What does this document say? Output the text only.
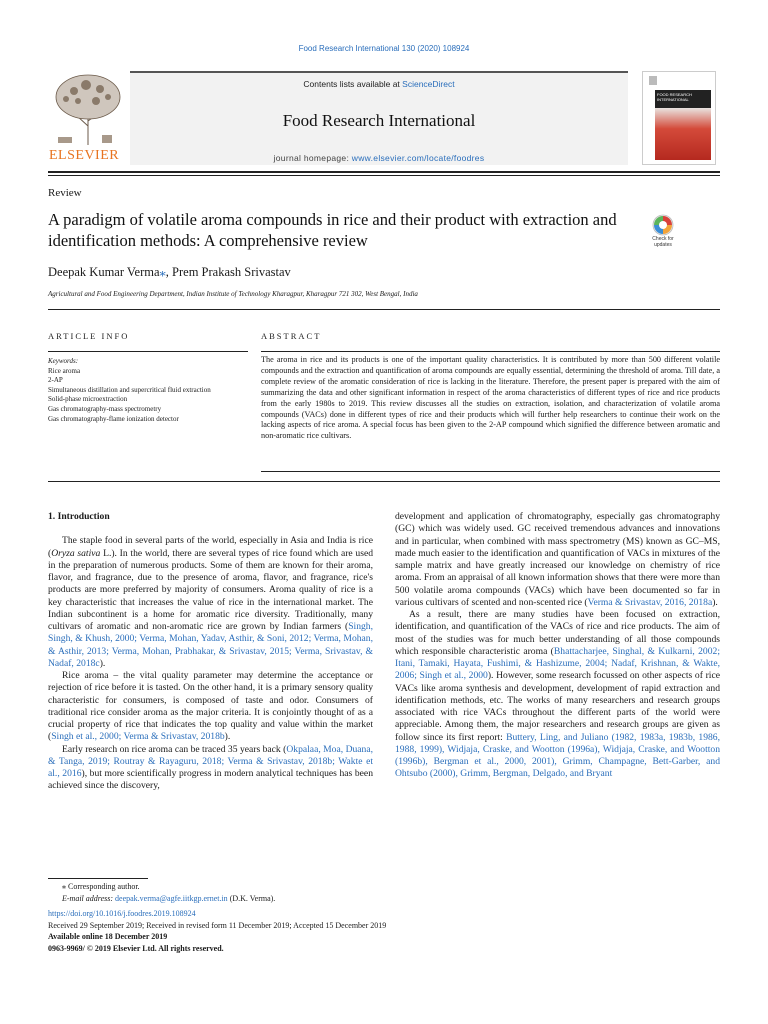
Food Research International 130 (2020) 108924
ELSEVIER
Contents lists available at ScienceDirect
Food Research International
journal homepage: www.elsevier.com/locate/foodres
FOOD RESEARCH INTERNATIONAL
Review
A paradigm of volatile aroma compounds in rice and their product with extraction and identification methods: A comprehensive review	Check for updates
Deepak Kumar Verma⁎, Prem Prakash Srivastav
Agricultural and Food Engineering Department, Indian Institute of Technology Kharagpur, Kharagpur 721 302, West Bengal, India
ARTICLE INFO	ABSTRACT
Keywords:
Rice aroma
2-AP
Simultaneous distillation and supercritical fluid extraction
Solid-phase microextraction
Gas chromatography-mass spectrometry
Gas chromatography-flame ionization detector
The aroma in rice and its products is one of the important quality characteristics. It is contributed by more than 500 different volatile compounds and the extraction and quantification of aroma compounds are equally essential, determining the threshold of aroma. Till date, a complete review of the aromatic consideration of rice is lacking in the literature. Therefore, the present paper is prepared with the aim of summarizing the data and other significant information in respect of the aroma characteristics of different types of rice and rice products from the early 1980s to 2019. This review discusses all the studies on extraction, isolation, and characterization of volatile aroma compounds (VACs) done in different types of rice and their products which will further help researchers to continue their work on the lacking aspects of rice aroma. A special focus has been given to the 2-AP compound which signified the difference between aromatic and non-aromatic rice cultivars.
1. Introduction

The staple food in several parts of the world, especially in Asia and India is rice (Oryza sativa L.). In the world, there are several types of rice found which are used in the preparation of numerous products. Some of them are known for their aroma, flavor, and fragrance, due to the presence of aroma, flavor, and fragrance, rice's products are more preferred by majority of consumers. Aroma quality of rice is a key characteristic that increases the value of rice in the international market. The Indian subcontinent is a home for aromatic rice diversity. Traditionally, many cultivars of aromatic and non-aromatic rice are grown by Indian farmers (Singh, Singh, & Khush, 2000; Verma, Mohan, Yadav, Asthir, & Soni, 2012; Verma, Mohan, & Asthir, 2013; Verma, Mohan, Prabhakar, & Srivastav, 2015; Verma, Srivastav, & Nadaf, 2018c).

Rice aroma – the vital quality parameter may determine the acceptance or rejection of rice before it is tasted. On the other hand, it is a primary sensory quality characteristic for consumers, is composed of taste and odor. Consumers of traditional rice consider aroma as the major criteria. It is conjointly thought of as a crucial property of rice that indicates the top quality and value within the market (Singh et al., 2000; Verma & Srivastav, 2018b).

Early research on rice aroma can be traced 35 years back (Okpalaa, Moa, Duana, & Tanga, 2019; Routray & Rayaguru, 2018; Verma & Srivastav, 2018b; Wakte et al., 2016), but more scientifically progress in modern analytical techniques has been achieved since the discovery,

development and application of chromatography, especially gas chromatography (GC) which was widely used. GC received tremendous advances and innovations and in particular, when combined with mass spectrometry (MS) known as GC–MS, made much easier to the identification and quantification of VACs in mixtures of the sample matrix and have greatly increased our knowledge on chemistry of rice aroma. From an appraisal of all known information shows that there were more than 500 volatile aroma compounds (VACs) which have been documented so far in various cultivars of scented and non-scented rice (Verma & Srivastav, 2016, 2018a).

As a result, there are many studies have been focused on extraction, identification, and quantification of the VACs of rice and rice products. The aim of most of the studies was for much better understanding of all those compounds which responsible characteristic aroma (Bhattacharjee, Singhal, & Kulkarni, 2002; Itani, Tamaki, Hayata, Fushimi, & Hashizume, 2004; Nadaf, Krishnan, & Wakte, 2006; Singh et al., 2000). However, some research focussed on other aspects of rice VACs like aroma synthesis and development, development of rapid extraction and identification methods, etc. The works of many researchers and research groups associated with rice VACs throughout the different parts of the world were appreciable. Among them, the major researchers and research groups are given as follow since its first report: Buttery, Ling, and Juliano (1982, 1983a, 1983b, 1986, 1988, 1999), Widjaja, Craske, and Wootton (1996a), Widjaja, Craske, and Wootton (1996b), Bergman et al., 2000, 2001), Grimm, Champagne, Bett-Garber, and Ohtsubo (2000), Grimm, Bergman, Delgado, and Bryant

⁎ Corresponding author.
E-mail address: deepak.verma@agfe.iitkgp.ernet.in (D.K. Verma).
https://doi.org/10.1016/j.foodres.2019.108924
Received 29 September 2019; Received in revised form 11 December 2019; Accepted 15 December 2019
Available online 18 December 2019
0963-9969/ © 2019 Elsevier Ltd. All rights reserved.
